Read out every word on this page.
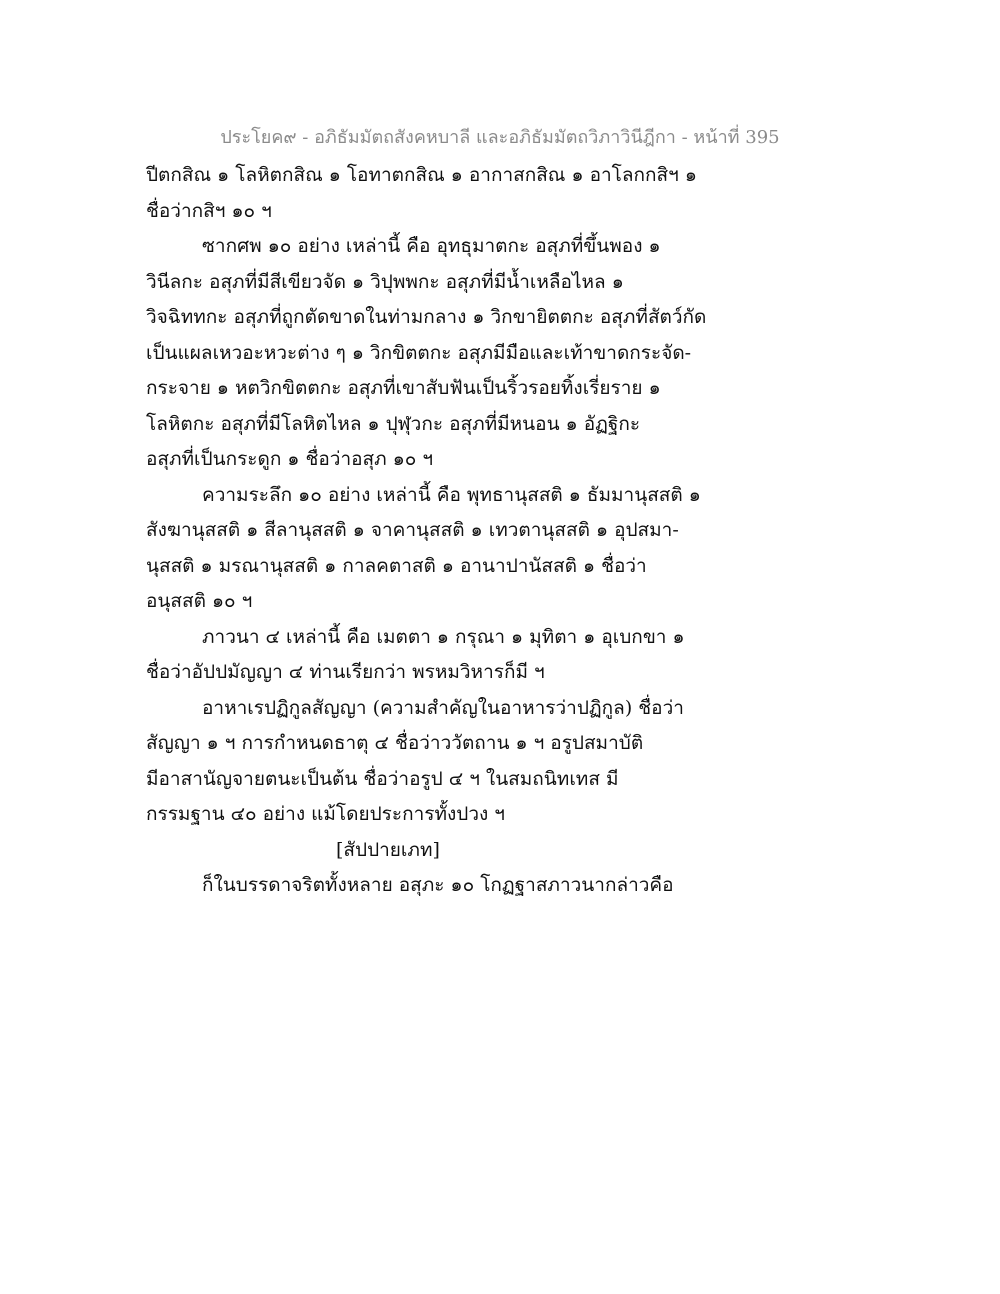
ประโยค๙ - อภิธัมมัตถสังคหบาลี และอภิธัมมัตถวิภาวินีฎีกา - หน้าที่ 395
ปีตกสิณ ๑ โลหิตกสิณ ๑ โอทาตกสิณ ๑ อากาสกสิณ ๑ อาโลกกสิฯ ๑
ชื่อว่ากสิฯ ๑๐ ฯ
ซากศพ ๑๐ อย่าง เหล่านี้ คือ อุทธุมาตกะ อสุภที่ขึ้นพอง ๑
วินีลกะ อสุภที่มีสีเขียวจัด ๑ วิปุพพกะ อสุภที่มีน้ำเหลือไหล ๑
วิจฉิททกะ อสุภที่ถูกตัดขาดในท่ามกลาง ๑ วิกขายิตตกะ อสุภที่สัตว์กัด
เป็นแผลเหวอะหวะต่าง ๆ ๑ วิกขิตตกะ อสุภมีมือและเท้าขาดกระจัด-
กระจาย ๑ หตวิกขิตตกะ อสุภที่เขาสับฟันเป็นริ้วรอยทิ้งเรี่ยราย ๑
โลหิตกะ อสุภที่มีโลหิตไหล ๑ ปุฬุวกะ อสุภที่มีหนอน ๑ อัฏฐิกะ
อสุภที่เป็นกระดูก ๑ ชื่อว่าอสุภ ๑๐ ฯ
ความระลึก ๑๐ อย่าง เหล่านี้ คือ พุทธานุสสติ ๑ ธัมมานุสสติ ๑
สังฆานุสสติ ๑ สีลานุสสติ ๑ จาคานุสสติ ๑ เทวตานุสสติ ๑ อุปสมา-
นุสสติ ๑ มรณานุสสติ ๑ กาลคตาสติ ๑ อานาปานัสสติ ๑ ชื่อว่า
อนุสสติ ๑๐ ฯ
ภาวนา ๔ เหล่านี้ คือ เมตตา ๑ กรุณา ๑ มุทิตา ๑ อุเบกขา ๑
ชื่อว่าอัปปมัญญา ๔ ท่านเรียกว่า พรหมวิหารก็มี ฯ
อาหาเรปฏิกูลสัญญา (ความสำคัญในอาหารว่าปฏิกูล) ชื่อว่า
สัญญา ๑ ฯ การกำหนดธาตุ ๔ ชื่อว่าววัตถาน ๑ ฯ อรูปสมาบัติ
มีอาสานัญจายตนะเป็นต้น ชื่อว่าอรูป ๔ ฯ ในสมถนิทเทส มี
กรรมฐาน ๔๐ อย่าง แม้โดยประการทั้งปวง ฯ
[สัปปายเภท]
ก็ในบรรดาจริตทั้งหลาย อสุภะ ๑๐ โกฏฐาสภาวนากล่าวคือ
